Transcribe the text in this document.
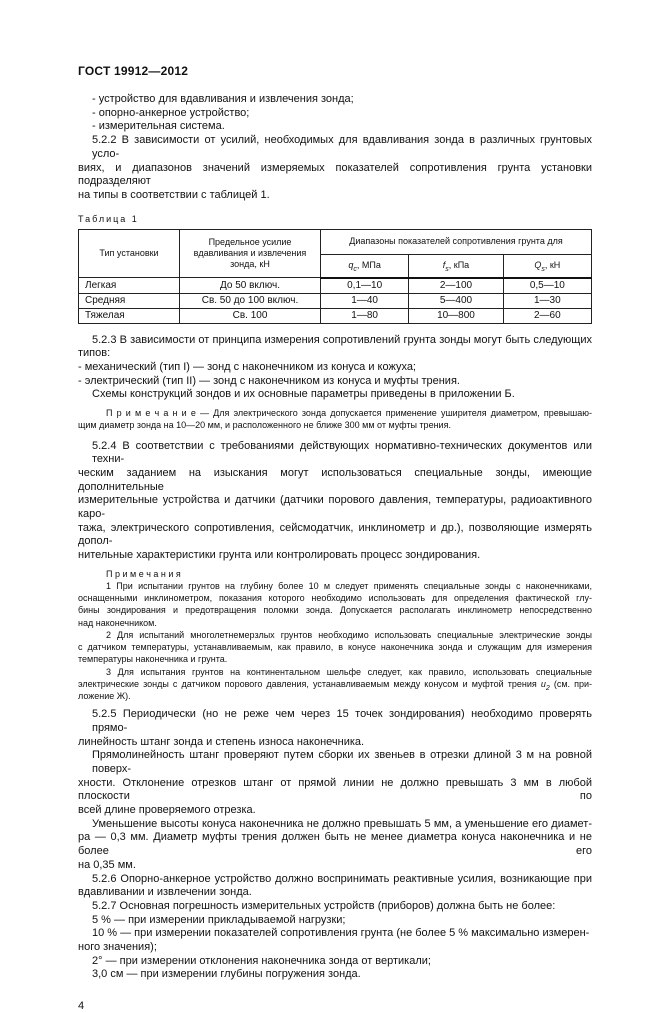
ГОСТ 19912—2012
- устройство для вдавливания и извлечения зонда;
- опорно-анкерное устройство;
- измерительная система.
5.2.2 В зависимости от усилий, необходимых для вдавливания зонда в различных грунтовых усло-
виях, и диапазонов значений измеряемых показателей сопротивления грунта установки подразделяют
на типы в соответствии с таблицей 1.
Таблица 1
Тип установки	Предельное усилие вдавливания и извлечения зонда, кН	Диапазоны показателей сопротивления грунта для		
		$q_c$, МПа	$f_s$, кПа	$Q_s$, кН
Легкая	До 50 включ.	0,1—10	2—100	0,5—10
Средняя	Св. 50 до 100 включ.	1—40	5—400	1—30
Тяжелая	Св. 100	1—80	10—800	2—60
5.2.3 В зависимости от принципа измерения сопротивлений грунта зонды могут быть следующих
типов:
- механический (тип I) — зонд с наконечником из конуса и кожуха;
- электрический (тип II) — зонд с наконечником из конуса и муфты трения.
Схемы конструкций зондов и их основные параметры приведены в приложении Б.
П р и м е ч а н и е — Для электрического зонда допускается применение уширителя диаметром, превышаю-
щим диаметр зонда на 10—20 мм, и расположенного не ближе 300 мм от муфты трения.
5.2.4 В соответствии с требованиями действующих нормативно-технических документов или техни-
ческим заданием на изыскания могут использоваться специальные зонды, имеющие дополнительные
измерительные устройства и датчики (датчики порового давления, температуры, радиоактивного каро-
тажа, электрического сопротивления, сейсмодатчик, инклинометр и др.), позволяющие измерять допол-
нительные характеристики грунта или контролировать процесс зондирования.
П р и м е ч а н и я
1 При испытании грунтов на глубину более 10 м следует применять специальные зонды с наконечниками,
оснащенными инклинометром, показания которого необходимо использовать для определения фактической глу-
бины зондирования и предотвращения поломки зонда. Допускается располагать инклинометр непосредственно
над наконечником.
2 Для испытаний многолетнемерзлых грунтов необходимо использовать специальные электрические зонды
с датчиком температуры, устанавливаемым, как правило, в конусе наконечника зонда и служащим для измерения
температуры наконечника и грунта.
3 Для испытания грунтов на континентальном шельфе следует, как правило, использовать специальные
электрические зонды с датчиком порового давления, устанавливаемым между конусом и муфтой трения $u_2$ (см. при-
ложение Ж).
5.2.5 Периодически (но не реже чем через 15 точек зондирования) необходимо проверять прямо-
линейность штанг зонда и степень износа наконечника.
Прямолинейность штанг проверяют путем сборки их звеньев в отрезки длиной 3 м на ровной поверх-
хности. Отклонение отрезков штанг от прямой линии не должно превышать 3 мм в любой плоскости по
всей длине проверяемого отрезка.
Уменьшение высоты конуса наконечника не должно превышать 5 мм, а уменьшение его диамет-
ра — 0,3 мм. Диаметр муфты трения должен быть не менее диаметра конуса наконечника и не более его
на 0,35 мм.
5.2.6 Опорно-анкерное устройство должно воспринимать реактивные усилия, возникающие при
вдавливании и извлечении зонда.
5.2.7 Основная погрешность измерительных устройств (приборов) должна быть не более:
5 % — при измерении прикладываемой нагрузки;
10 % — при измерении показателей сопротивления грунта (не более 5 % максимально измерен-
ного значения);
2° — при измерении отклонения наконечника зонда от вертикали;
3,0 см — при измерении глубины погружения зонда.
4
